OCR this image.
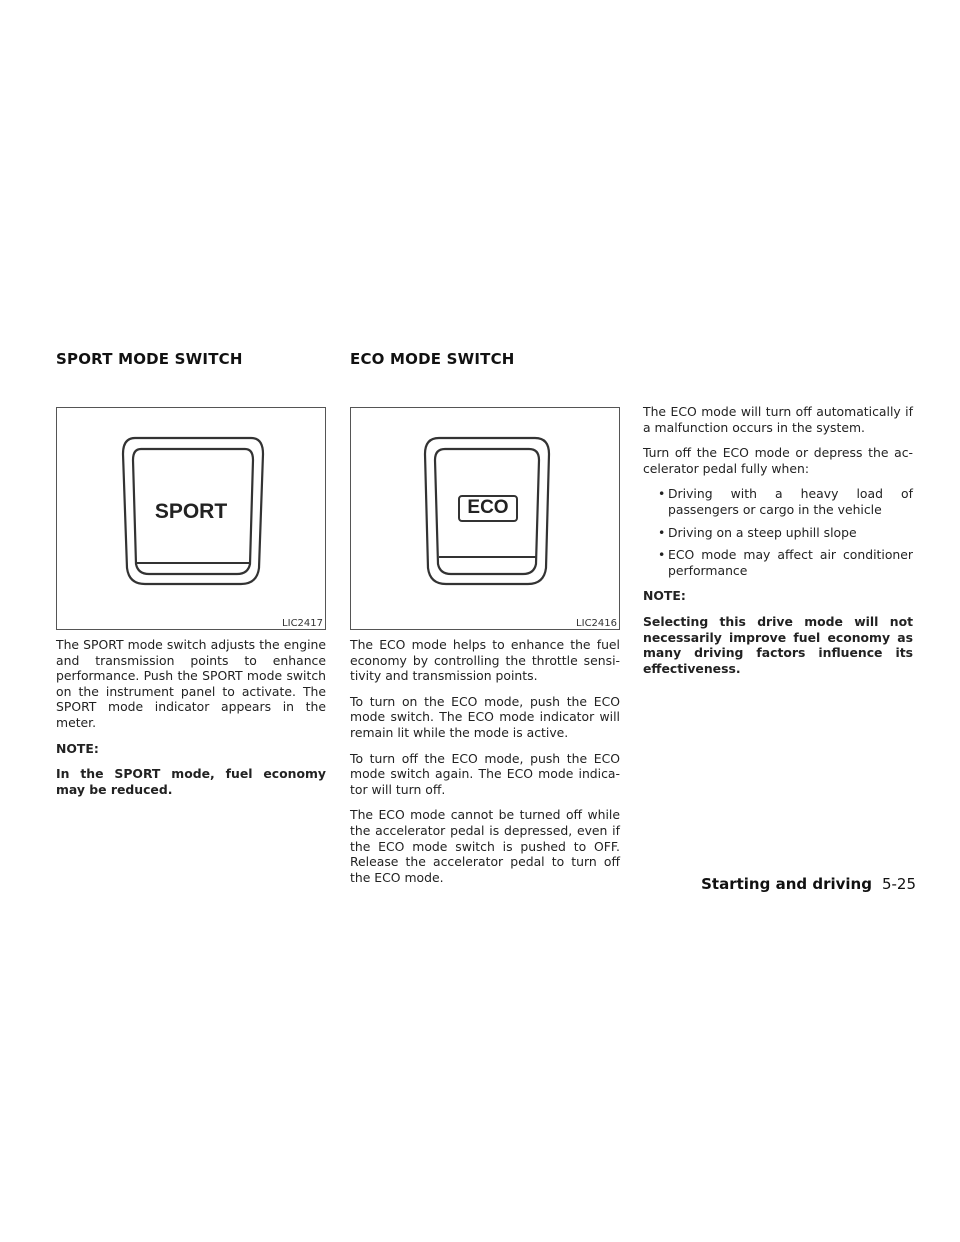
SPORT MODE SWITCH	ECO MODE SWITCH
SPORT
LIC2417
ECO
LIC2416

The SPORT mode switch adjusts the engine and transmission points to enhance performance. Push the SPORT mode switch on the instrument panel to activate. The SPORT mode indicator appears in the meter.

NOTE:

In the SPORT mode, fuel economy may be reduced.

The ECO mode helps to enhance the fuel economy by controlling the throttle sensitivity and transmission points.

To turn on the ECO mode, push the ECO mode switch. The ECO mode indicator will remain lit while the mode is active.

To turn off the ECO mode, push the ECO mode switch again. The ECO mode indicator will turn off.

The ECO mode cannot be turned off while the accelerator pedal is depressed, even if the ECO mode switch is pushed to OFF. Release the accelerator pedal to turn off the ECO mode.

The ECO mode will turn off automatically if a malfunction occurs in the system.

Turn off the ECO mode or depress the accelerator pedal fully when:

• Driving with a heavy load of passengers or cargo in the vehicle
• Driving on a steep uphill slope
• ECO mode may affect air conditioner performance

NOTE:

Selecting this drive mode will not necessarily improve fuel economy as many driving factors influence its effectiveness.

Starting and driving 5-25
